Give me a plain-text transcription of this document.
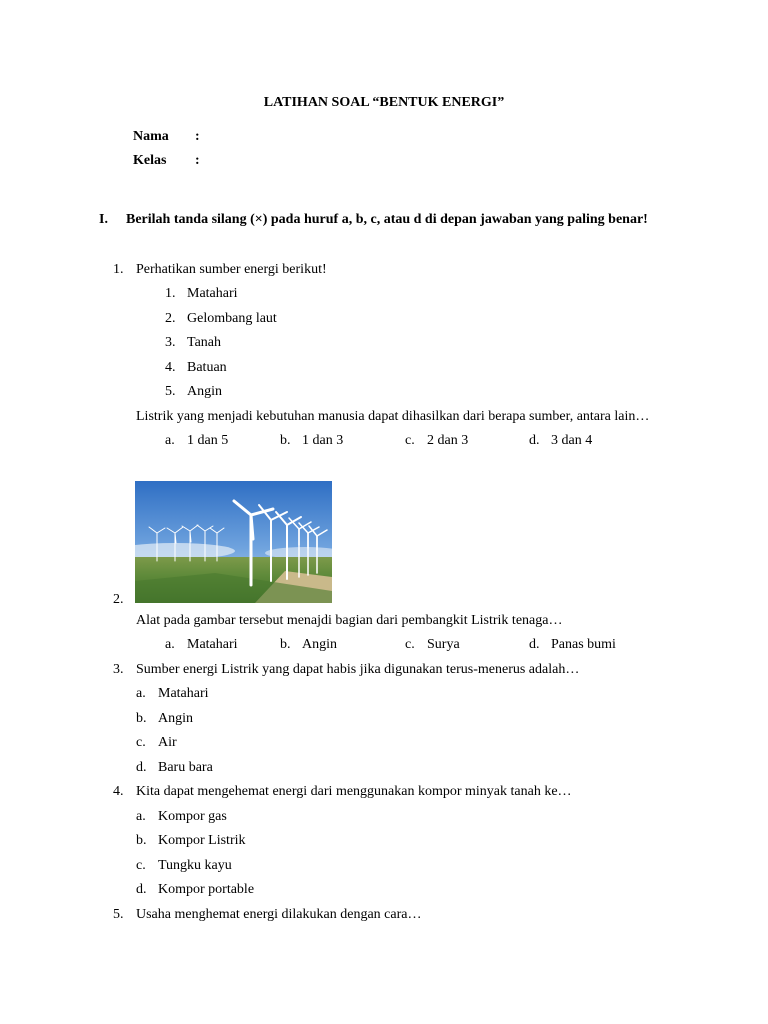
LATIHAN SOAL “BENTUK ENERGI”
Nama :
Kelas :
I. Berilah tanda silang (×) pada huruf a, b, c, atau d di depan jawaban yang paling benar!
1. Perhatikan sumber energi berikut!
1. Matahari
2. Gelombang laut
3. Tanah
4. Batuan
5. Angin
Listrik yang menjadi kebutuhan manusia dapat dihasilkan dari berapa sumber, antara lain…
a. 1 dan 5	b. 1 dan 3	c. 2 dan 3	d. 3 dan 4
2.
Alat pada gambar tersebut menajdi bagian dari pembangkit Listrik tenaga…
a. Matahari	b. Angin	c. Surya	d. Panas bumi
3. Sumber energi Listrik yang dapat habis jika digunakan terus-menerus adalah…
a. Matahari
b. Angin
c. Air
d. Baru bara
4. Kita dapat mengehemat energi dari menggunakan kompor minyak tanah ke…
a. Kompor gas
b. Kompor Listrik
c. Tungku kayu
d. Kompor portable
5. Usaha menghemat energi dilakukan dengan cara…
